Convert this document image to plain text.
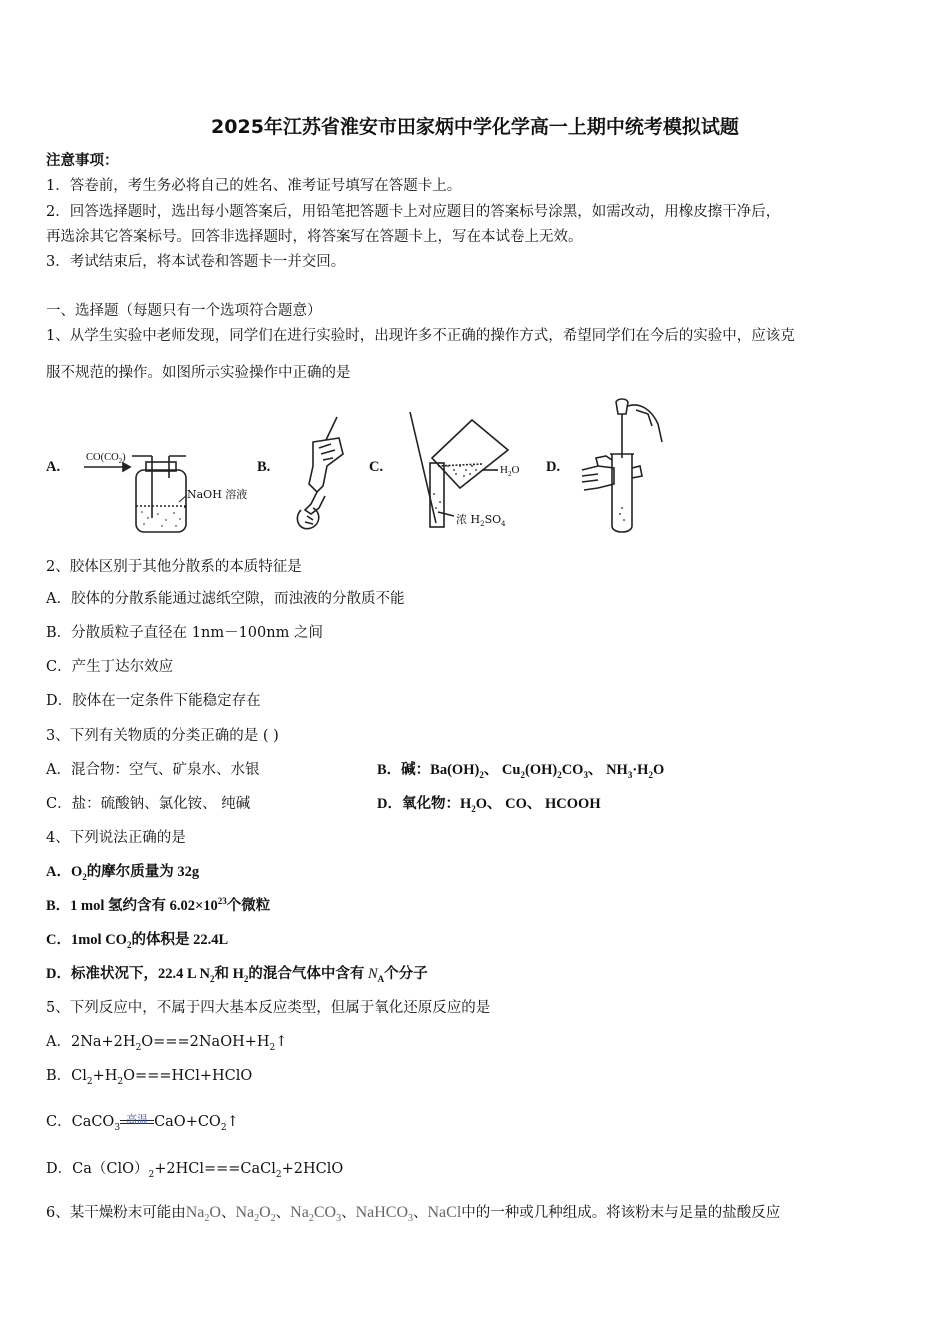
2025年江苏省淮安市田家炳中学化学高一上期中统考模拟试题
注意事项：
1．答卷前，考生务必将自己的姓名、准考证号填写在答题卡上。
2．回答选择题时，选出每小题答案后，用铅笔把答题卡上对应题目的答案标号涂黑，如需改动，用橡皮擦干净后，
再选涂其它答案标号。回答非选择题时，将答案写在答题卡上，写在本试卷上无效。
3．考试结束后，将本试卷和答题卡一并交回。
一、选择题（每题只有一个选项符合题意）
1、从学生实验中老师发现，同学们在进行实验时，出现许多不正确的操作方式，希望同学们在今后的实验中，应该克
服不规范的操作。如图所示实验操作中正确的是
A.	B.	C.	D.
$CO(CO_2)$
NaOH 溶液
$H_2O$
浓 $H_2SO_4$
2、胶体区别于其他分散系的本质特征是
A．胶体的分散系能通过滤纸空隙，而浊液的分散质不能
B．分散质粒子直径在 1nm－100nm 之间
C．产生丁达尔效应
D．胶体在一定条件下能稳定存在
3、下列有关物质的分类正确的是 ( )
A．混合物：空气、矿泉水、水银	B．碱：$Ba(OH)_2$、 $Cu_2(OH)_2CO_3$、 $NH_3\cdot H_2O$
C．盐：硫酸钠、氯化铵、 纯碱	D．氧化物：$H_2O$、 CO、 HCOOH
4、下列说法正确的是
A．$O_2$的摩尔质量为 32g
B．1 mol 氢约含有 $6.02\times 10^{23}$个微粒
C．1mol $CO_2$的体积是 22.4L
D．标准状况下，22.4 L $N_2$和 $H_2$的混合气体中含有 $N_A$个分子
5、下列反应中，不属于四大基本反应类型，但属于氧化还原反应的是
A．$2Na+2H_2O===2NaOH+H_2↑$
B．$Cl_2+H_2O===HCl+HClO$
C．CaCO$_3$
高温 $CaO+CO_2↑$
D．$Ca(ClO)_2+2HCl===CaCl_2+2HClO$
6、某干燥粉末可能由$Na_2O$、$Na_2O_2$、$Na_2CO_3$、NaHCO$_3$、NaCl中的一种或几种组成。将该粉末与足量的盐酸反应
